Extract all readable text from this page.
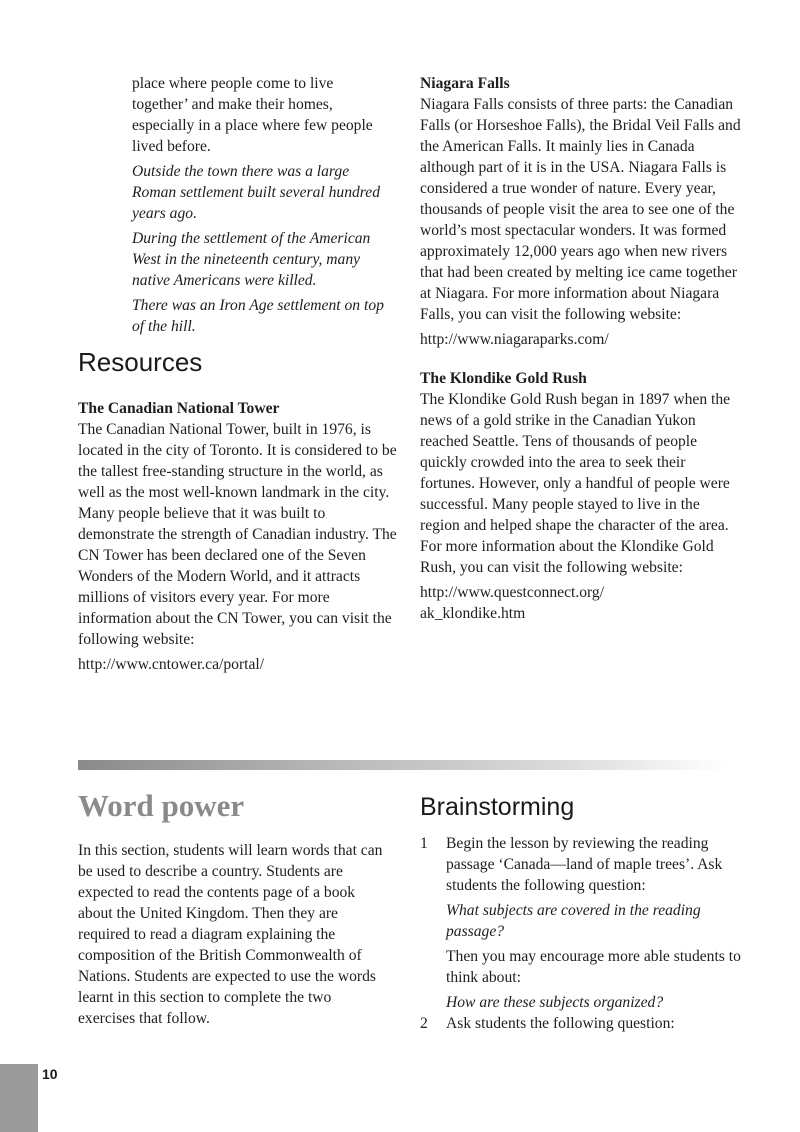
place where people come to live together’ and make their homes, especially in a place where few people lived before.

Outside the town there was a large Roman settlement built several hundred years ago.

During the settlement of the American West in the nineteenth century, many native Americans were killed.

There was an Iron Age settlement on top of the hill.

Resources

The Canadian National Tower

The Canadian National Tower, built in 1976, is located in the city of Toronto. It is considered to be the tallest free-standing structure in the world, as well as the most well-known landmark in the city. Many people believe that it was built to demonstrate the strength of Canadian industry. The CN Tower has been declared one of the Seven Wonders of the Modern World, and it attracts millions of visitors every year. For more information about the CN Tower, you can visit the following website:

http://www.cntower.ca/portal/

Niagara Falls

Niagara Falls consists of three parts: the Canadian Falls (or Horseshoe Falls), the Bridal Veil Falls and the American Falls. It mainly lies in Canada although part of it is in the USA. Niagara Falls is considered a true wonder of nature. Every year, thousands of people visit the area to see one of the world’s most spectacular wonders. It was formed approximately 12,000 years ago when new rivers that had been created by melting ice came together at Niagara. For more information about Niagara Falls, you can visit the following website:

http://www.niagaraparks.com/

The Klondike Gold Rush

The Klondike Gold Rush began in 1897 when the news of a gold strike in the Canadian Yukon reached Seattle. Tens of thousands of people quickly crowded into the area to seek their fortunes. However, only a handful of people were successful. Many people stayed to live in the region and helped shape the character of the area. For more information about the Klondike Gold Rush, you can visit the following website:

http://www.questconnect.org/ ak_klondike.htm

Word power

In this section, students will learn words that can be used to describe a country. Students are expected to read the contents page of a book about the United Kingdom. Then they are required to read a diagram explaining the composition of the British Commonwealth of Nations. Students are expected to use the words learnt in this section to complete the two exercises that follow.

Brainstorming
1 Begin the lesson by reviewing the reading passage ‘Canada—land of maple trees’. Ask students the following question:

What subjects are covered in the reading passage?

Then you may encourage more able students to think about:

How are these subjects organized?

2 Ask students the following question:

10
